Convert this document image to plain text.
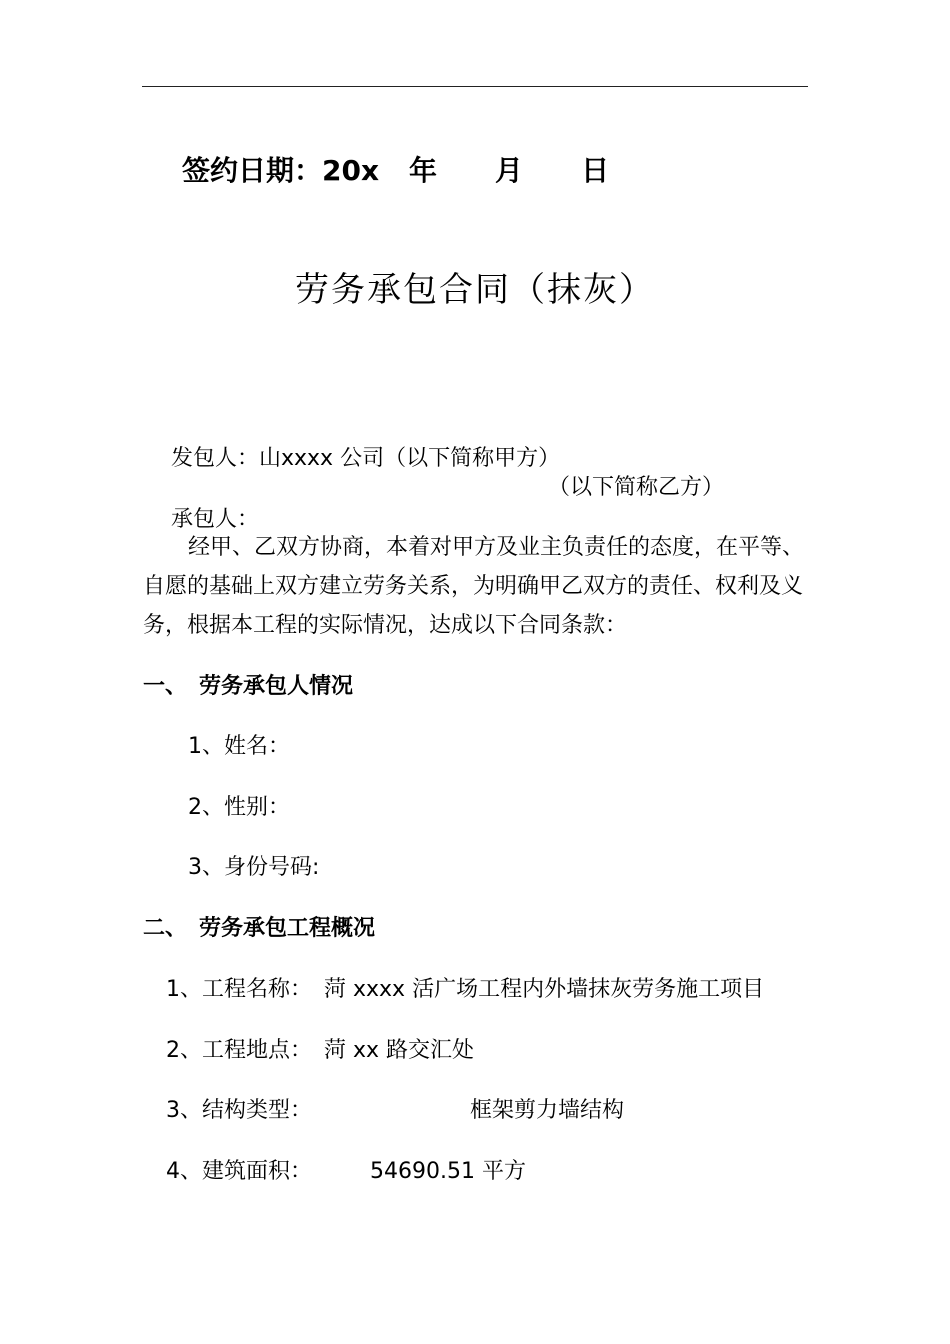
签约日期：20x 年 月 日

劳务承包合同（抹灰）

发包人：山xxxx 公司（以下简称甲方）

承包人：

（以下简称乙方）
经甲、乙双方协商，本着对甲方及业主负责任的态度，在平等、
自愿的基础上双方建立劳务关系，为明确甲乙双方的责任、权利及义
务，根据本工程的实际情况，达成以下合同条款：
一、 劳务承包人情况
1、姓名：
2、性别：
3、身份号码:
二、 劳务承包工程概况
1、工程名称： 菏 xxxx 活广场工程内外墙抹灰劳务施工项目
2、工程地点： 菏 xx 路交汇处
3、结构类型：	框架剪力墙结构
4、建筑面积：	54690.51 平方
